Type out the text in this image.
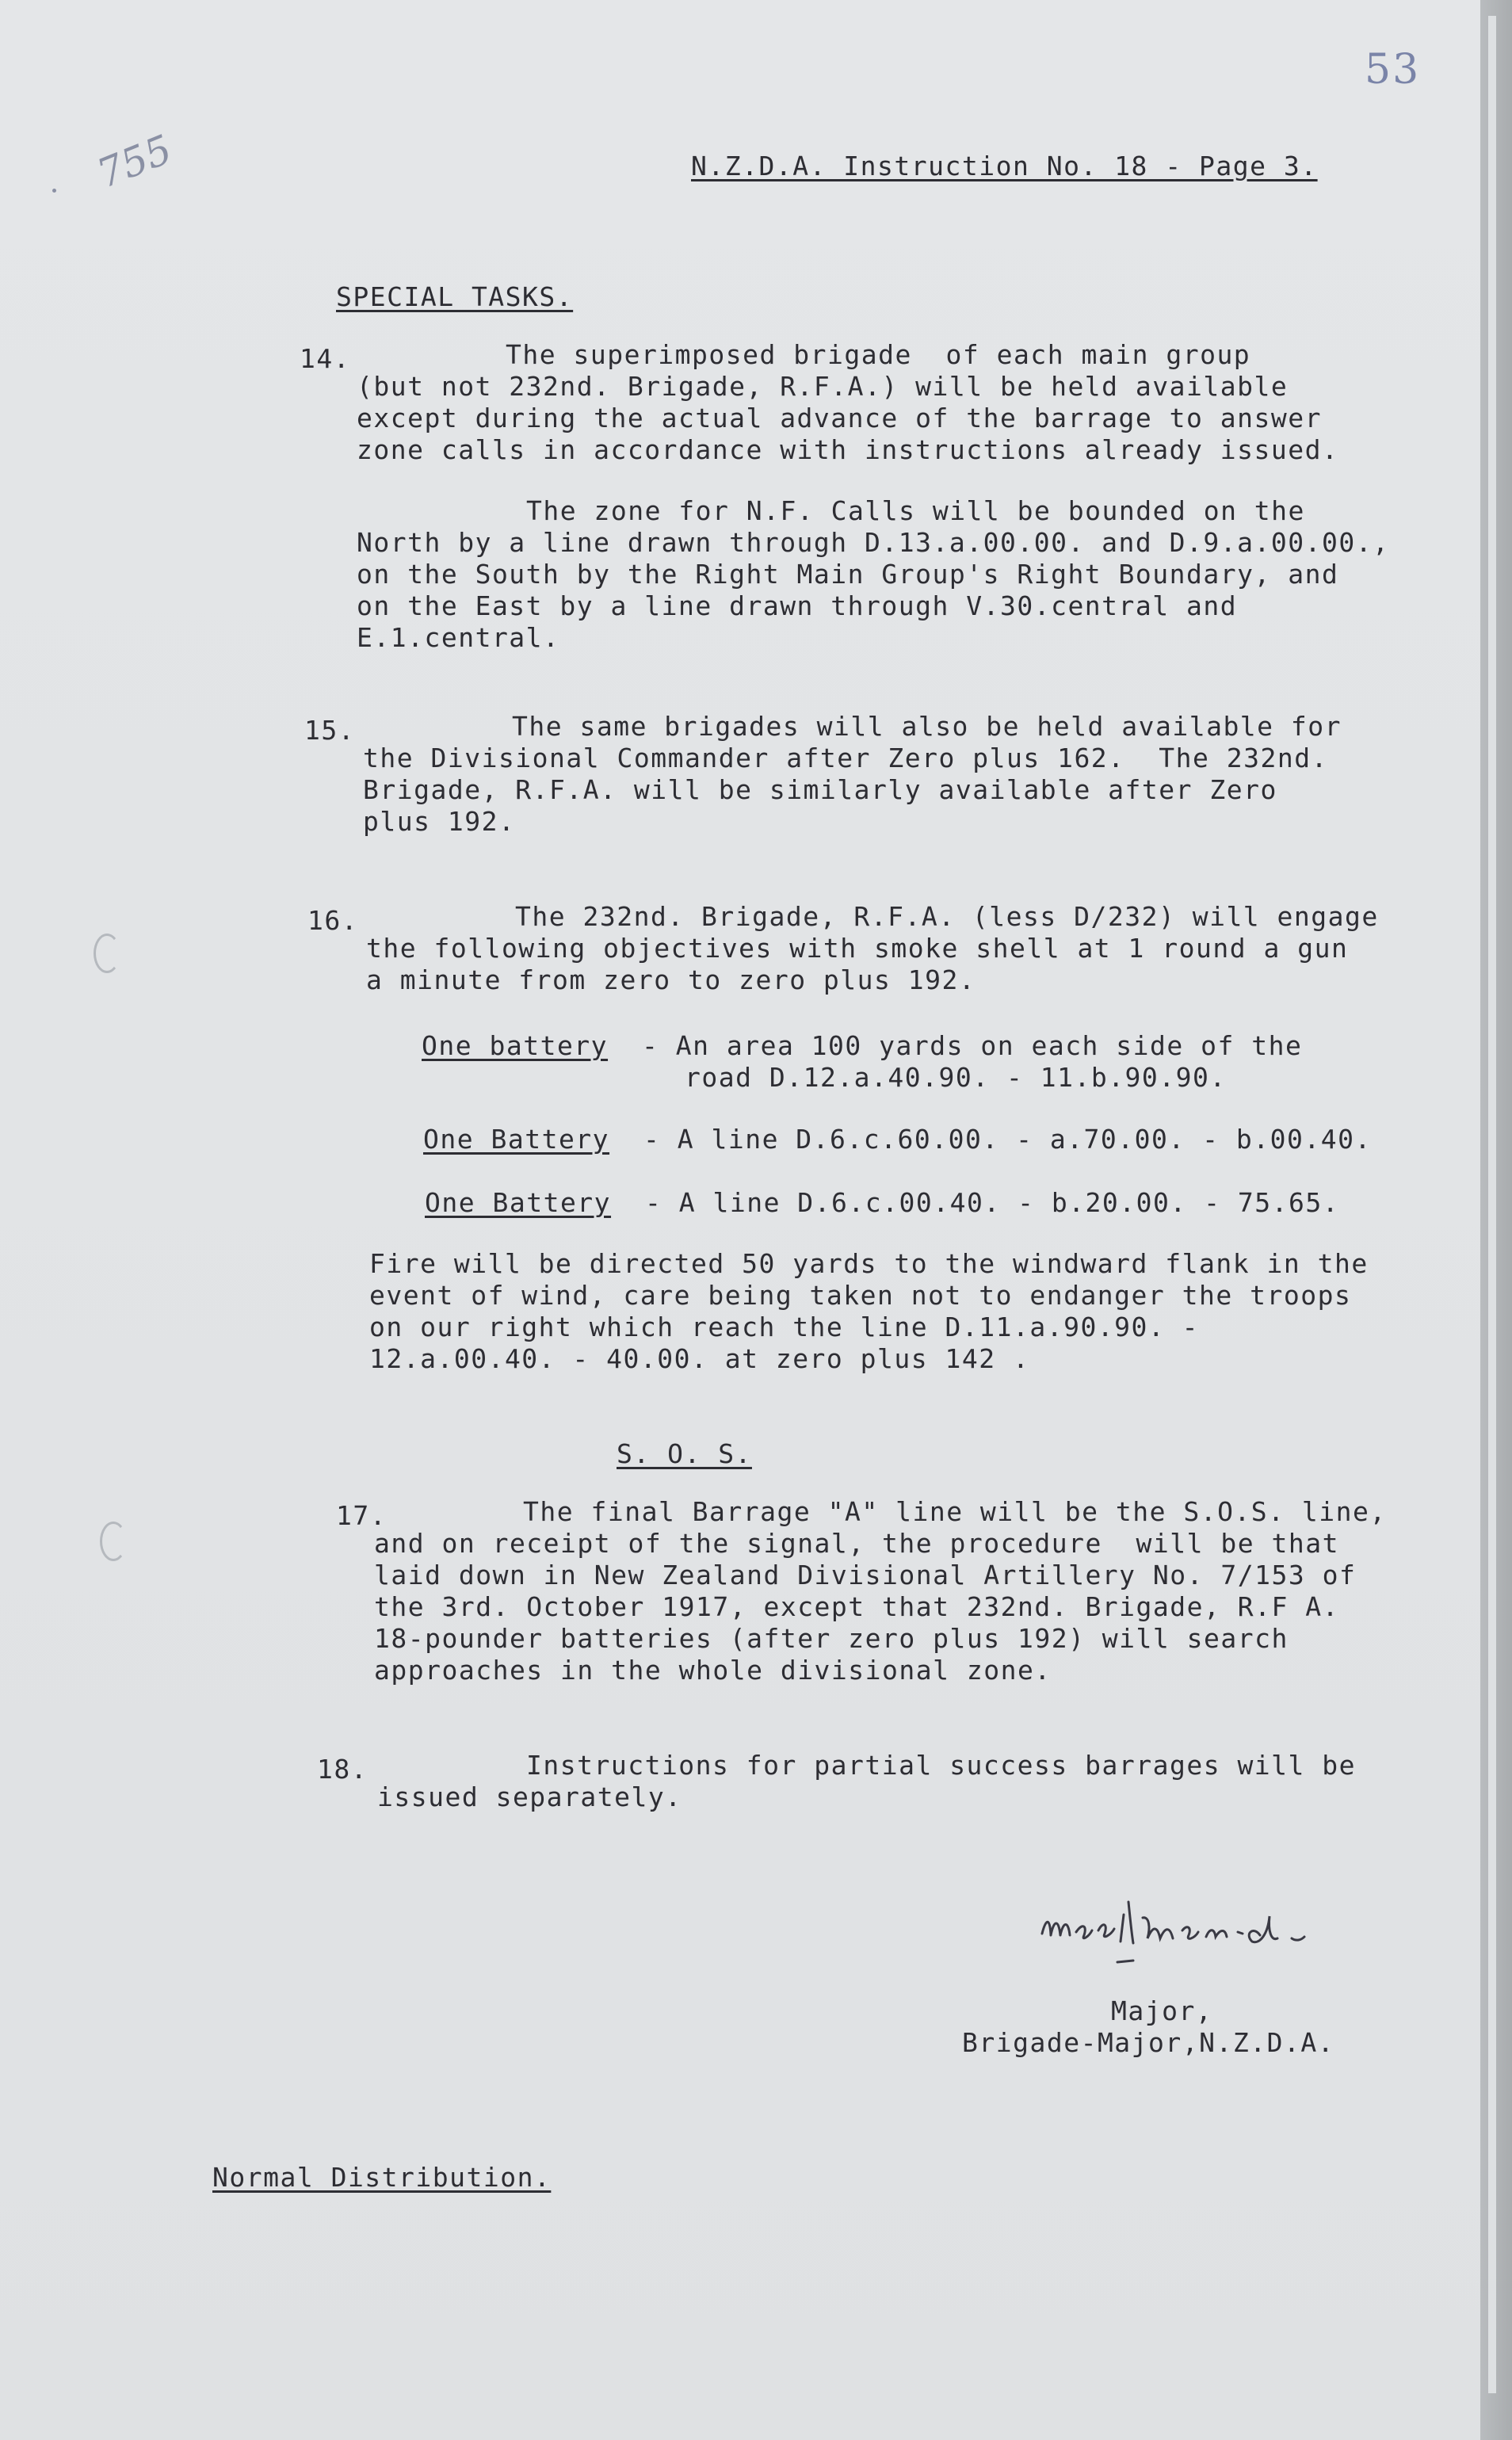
53
755	N.Z.D.A. Instruction No. 18 - Page 3.
SPECIAL TASKS.
14.	The superimposed brigade  of each main group
(but not 232nd. Brigade, R.F.A.) will be held available
except during the actual advance of the barrage to answer
zone calls in accordance with instructions already issued.
The zone for N.F. Calls will be bounded on the
North by a line drawn through D.13.a.00.00. and D.9.a.00.00.,
on the South by the Right Main Group's Right Boundary, and
on the East by a line drawn through V.30.central and
E.1.central.
15.	The same brigades will also be held available for
the Divisional Commander after Zero plus 162.  The 232nd.
Brigade, R.F.A. will be similarly available after Zero
plus 192.
16.	The 232nd. Brigade, R.F.A. (less D/232) will engage
the following objectives with smoke shell at 1 round a gun
a minute from zero to zero plus 192.
One battery - An area 100 yards on each side of the
road D.12.a.40.90. - 11.b.90.90.
One Battery - A line D.6.c.60.00. - a.70.00. - b.00.40.
One Battery - A line D.6.c.00.40. - b.20.00. - 75.65.
Fire will be directed 50 yards to the windward flank in the
event of wind, care being taken not to endanger the troops
on our right which reach the line D.11.a.90.90. -
12.a.00.40. - 40.00. at zero plus 142 .
S. O. S.
17.	The final Barrage "A" line will be the S.O.S. line,
and on receipt of the signal, the procedure  will be that
laid down in New Zealand Divisional Artillery No. 7/153 of
the 3rd. October 1917, except that 232nd. Brigade, R.F A.
18-pounder batteries (after zero plus 192) will search
approaches in the whole divisional zone.
18.	Instructions for partial success barrages will be
issued separately.
Major,
Brigade-Major,N.Z.D.A.
Normal Distribution.
